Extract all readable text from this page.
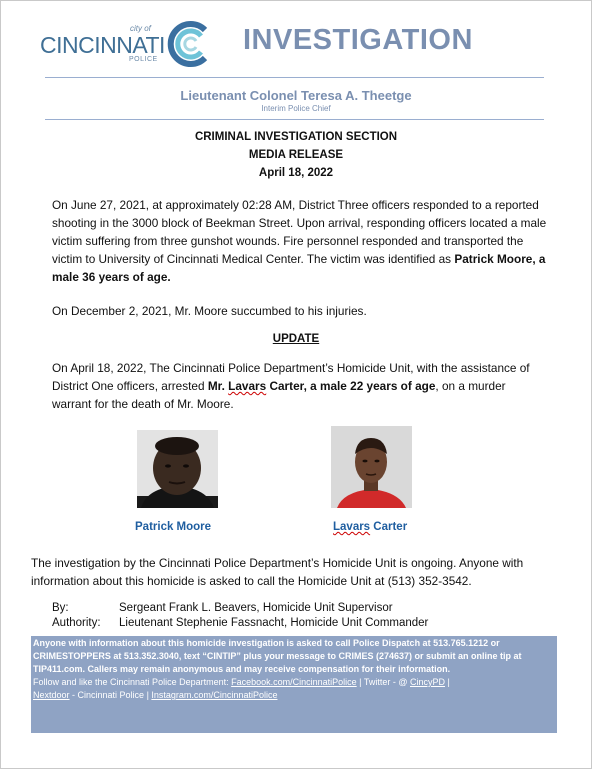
city of
CINCINNATI
POLICE
INVESTIGATION
Lieutenant Colonel Teresa A. Theetge
Interim Police Chief
CRIMINAL INVESTIGATION SECTION
MEDIA RELEASE
April 18, 2022
On June 27, 2021, at approximately 02:28 AM, District Three officers responded to a reported shooting in the 3000 block of Beekman Street. Upon arrival, responding officers located a male victim suffering from three gunshot wounds. Fire personnel responded and transported the victim to University of Cincinnati Medical Center. The victim was identified as Patrick Moore, a male 36 years of age.
On December 2, 2021, Mr. Moore succumbed to his injuries.
UPDATE
On April 18, 2022, The Cincinnati Police Department’s Homicide Unit, with the assistance of District One officers, arrested Mr. Lavars Carter, a male 22 years of age, on a murder warrant for the death of Mr. Moore.
Patrick Moore	Lavars Carter
The investigation by the Cincinnati Police Department’s Homicide Unit is ongoing. Anyone with information about this homicide is asked to call the Homicide Unit at (513) 352-3542.
By:	Sergeant Frank L. Beavers, Homicide Unit Supervisor
Authority: Lieutenant Stephenie Fassnacht, Homicide Unit Commander
Anyone with information about this homicide investigation is asked to call Police Dispatch at 513.765.1212 or CRIMESTOPPERS at 513.352.3040, text “CINTIP” plus your message to CRIMES (274637) or submit an online tip at TIP411.com. Callers may remain anonymous and may receive compensation for their information.
Follow and like the Cincinnati Police Department: Facebook.com/CincinnatiPolice | Twitter - @ CincyPD |
Nextdoor - Cincinnati Police | Instagram.com/CincinnatiPolice
